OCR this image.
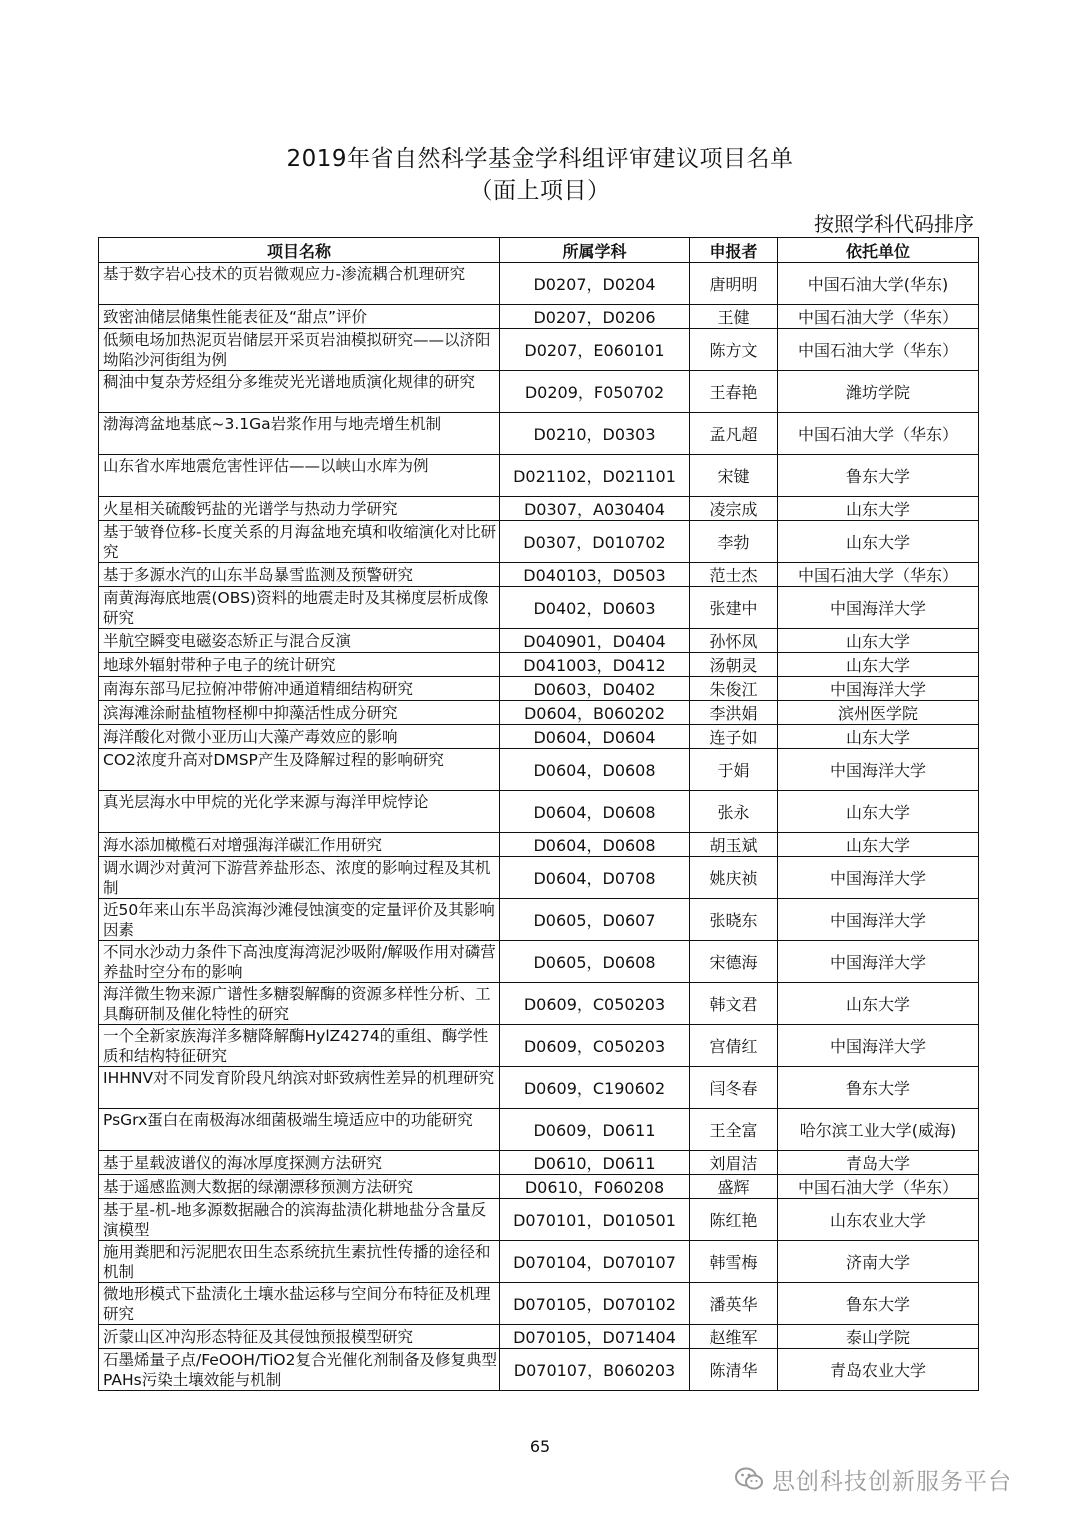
2019年省自然科学基金学科组评审建议项目名单
（面上项目）
按照学科代码排序
项目名称	所属学科	申报者	依托单位
基于数字岩心技术的页岩微观应力-渗流耦合机理研究	D0207，D0204	唐明明	中国石油大学(华东)
致密油储层储集性能表征及“甜点”评价	D0207，D0206	王健	中国石油大学（华东）
低频电场加热泥页岩储层开采页岩油模拟研究——以济阳坳陷沙河街组为例	D0207，E060101	陈方文	中国石油大学（华东）
稠油中复杂芳烃组分多维荧光光谱地质演化规律的研究	D0209，F050702	王春艳	潍坊学院
渤海湾盆地基底~3.1Ga岩浆作用与地壳增生机制	D0210，D0303	孟凡超	中国石油大学（华东）
山东省水库地震危害性评估——以峡山水库为例	D021102，D021101	宋键	鲁东大学
火星相关硫酸钙盐的光谱学与热动力学研究	D0307，A030404	凌宗成	山东大学
基于皱脊位移-长度关系的月海盆地充填和收缩演化对比研究	D0307，D010702	李勃	山东大学
基于多源水汽的山东半岛暴雪监测及预警研究	D040103，D0503	范士杰	中国石油大学（华东）
南黄海海底地震(OBS)资料的地震走时及其梯度层析成像研究	D0402，D0603	张建中	中国海洋大学
半航空瞬变电磁姿态矫正与混合反演	D040901，D0404	孙怀凤	山东大学
地球外辐射带种子电子的统计研究	D041003，D0412	汤朝灵	山东大学
南海东部马尼拉俯冲带俯冲通道精细结构研究	D0603，D0402	朱俊江	中国海洋大学
滨海滩涂耐盐植物柽柳中抑藻活性成分研究	D0604，B060202	李洪娟	滨州医学院
海洋酸化对微小亚历山大藻产毒效应的影响	D0604，D0604	连子如	山东大学
CO2浓度升高对DMSP产生及降解过程的影响研究	D0604，D0608	于娟	中国海洋大学
真光层海水中甲烷的光化学来源与海洋甲烷悖论	D0604，D0608	张永	山东大学
海水添加橄榄石对增强海洋碳汇作用研究	D0604，D0608	胡玉斌	山东大学
调水调沙对黄河下游营养盐形态、浓度的影响过程及其机制	D0604，D0708	姚庆祯	中国海洋大学
近50年来山东半岛滨海沙滩侵蚀演变的定量评价及其影响因素	D0605，D0607	张晓东	中国海洋大学
不同水沙动力条件下高浊度海湾泥沙吸附/解吸作用对磷营养盐时空分布的影响	D0605，D0608	宋德海	中国海洋大学
海洋微生物来源广谱性多糖裂解酶的资源多样性分析、工具酶研制及催化特性的研究	D0609，C050203	韩文君	山东大学
一个全新家族海洋多糖降解酶HylZ4274的重组、酶学性质和结构特征研究	D0609，C050203	宫倩红	中国海洋大学
IHHNV对不同发育阶段凡纳滨对虾致病性差异的机理研究	D0609，C190602	闫冬春	鲁东大学
PsGrx蛋白在南极海冰细菌极端生境适应中的功能研究	D0609，D0611	王全富	哈尔滨工业大学(威海)
基于星载波谱仪的海冰厚度探测方法研究	D0610，D0611	刘眉洁	青岛大学
基于遥感监测大数据的绿潮漂移预测方法研究	D0610，F060208	盛辉	中国石油大学（华东）
基于星-机-地多源数据融合的滨海盐渍化耕地盐分含量反演模型	D070101，D010501	陈红艳	山东农业大学
施用粪肥和污泥肥农田生态系统抗生素抗性传播的途径和机制	D070104，D070107	韩雪梅	济南大学
微地形模式下盐渍化土壤水盐运移与空间分布特征及机理研究	D070105，D070102	潘英华	鲁东大学
沂蒙山区冲沟形态特征及其侵蚀预报模型研究	D070105，D071404	赵维军	泰山学院
石墨烯量子点/FeOOH/TiO2复合光催化剂制备及修复典型PAHs污染土壤效能与机制	D070107，B060203	陈清华	青岛农业大学
65
思创科技创新服务平台
